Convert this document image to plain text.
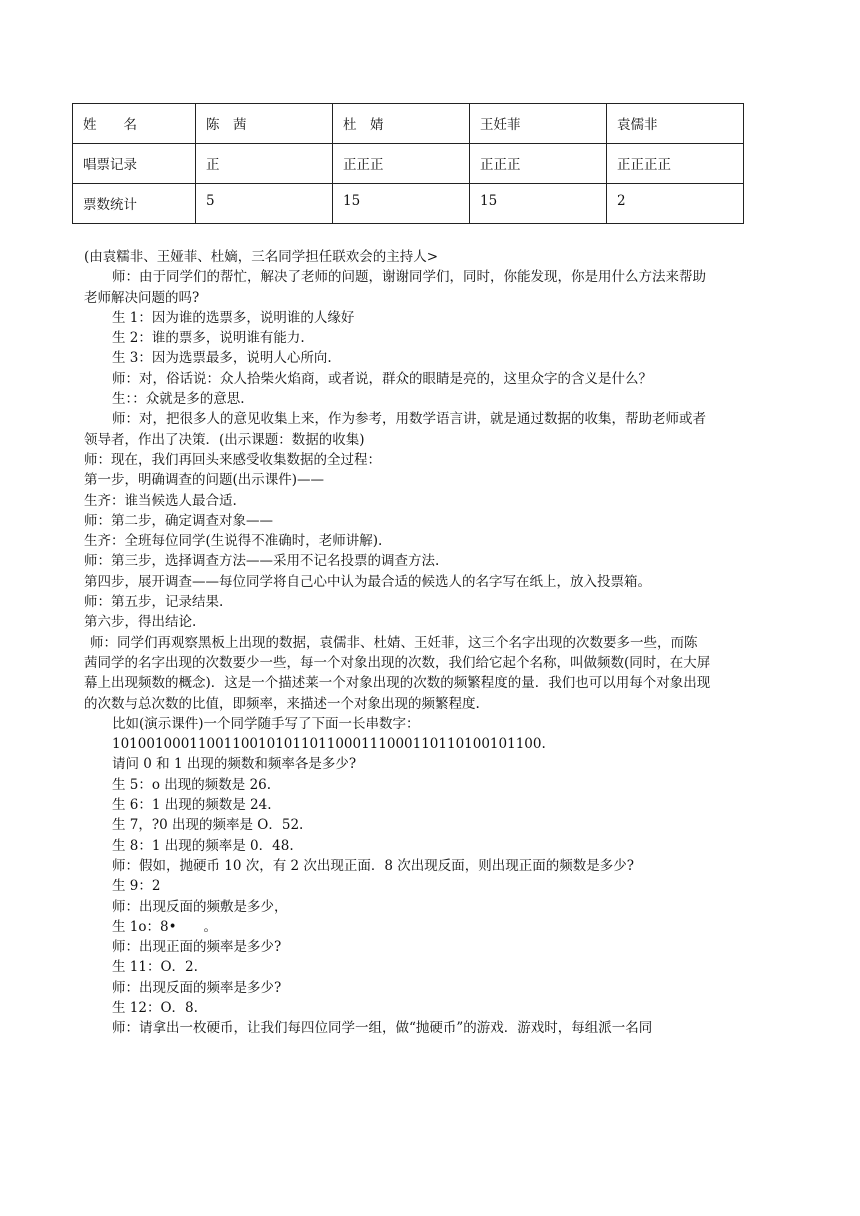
姓　　名	陈　茜	杜　婧	王妊菲	袁儒非
唱票记录	正	正正正	正正正	正正正正
票数统计	5	15	15	2

(由袁糯非、王娅菲、杜嫡，三名同学担任联欢会的主持人>

师：由于同学们的帮忙，解决了老师的问题，谢谢同学们，同时，你能发现，你是用什么方法来帮助

老师解决问题的吗?

生 1：因为谁的选票多，说明谁的人缘好

生 2：谁的票多，说明谁有能力.

生 3：因为选票最多，说明人心所向.

师：对，俗话说：众人拾柴火焰商，或者说，群众的眼睛是亮的，这里众字的含义是什么？

生：：众就是多的意思.

师：对，把很多人的意见收集上来，作为参考，用数学语言讲，就是通过数据的收集，帮助老师或者

领导者，作出了决策．(出示课题：数据的收集)

师：现在，我们再回头来感受收集数据的全过程：

第一步，明确调查的问题(出示课件)——

生齐：谁当候选人最合适.

师：第二步，确定调查对象——

生齐：全班每位同学(生说得不准确时，老师讲解).

师：第三步，选择调查方法——采用不记名投票的调查方法.

第四步，展开调查——每位同学将自己心中认为最合适的候选人的名字写在纸上，放入投票箱。

师：第五步，记录结果.

第六步，得出结论.

师：同学们再观察黑板上出现的数据，袁儒非、杜婧、王妊菲，这三个名字出现的次数要多一些，而陈

茜同学的名字出现的次数要少一些，每一个对象出现的次数，我们给它起个名称，叫做频数(同时，在大屏

幕上出现频数的概念)．这是一个描述莱一个对象出现的次数的频繁程度的量．我们也可以用每个对象出现

的次数与总次数的比值，即频率，来描述一个对象出现的频繁程度.

比如(演示课件)一个同学随手写了下面一长串数字：

10100100011001100101011011000111000110110100101100.

请问 0 和 1 出现的频数和频率各是多少?

生 5：o 出现的频数是 26.

生 6：1 出现的频数是 24.

生 7，?0 出现的频率是 O．52.

生 8：1 出现的频率是 0．48.

师：假如，抛硬币 10 次，有 2 次出现正面．8 次出现反面，则出现正面的频数是多少?

生 9：2

师：出现反面的频敷是多少，

生 1o：8•　　。

师：出现正面的频率是多少?

生 11：O．2.

师：出现反面的频率是多少?

生 12：O．8.

师：请拿出一枚硬币，让我们每四位同学一组，做“抛硬币”的游戏．游戏时，每组派一名同
